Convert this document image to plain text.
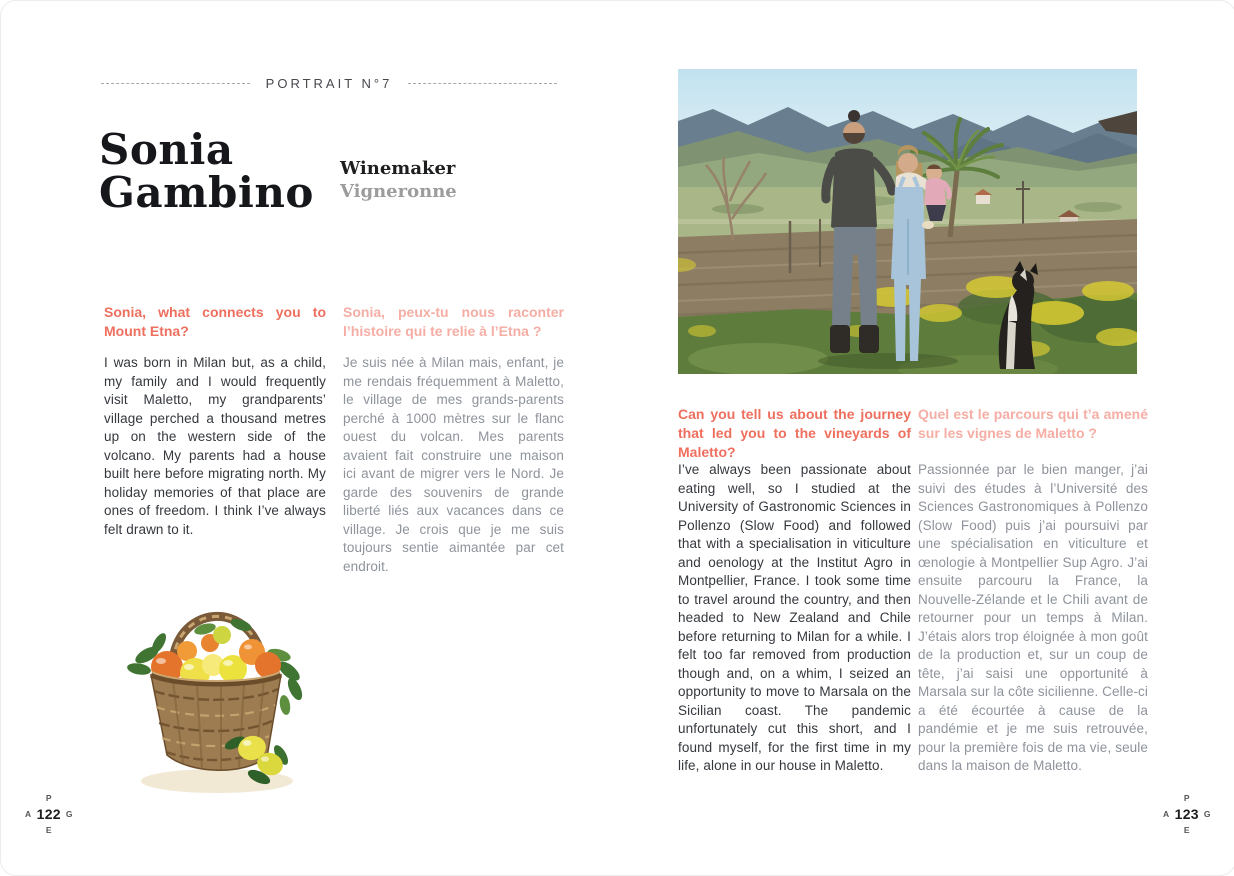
PORTRAIT N°7
Sonia
Gambino Winemaker
Vigneronne
Sonia, what connects you to Mount Etna?
I was born in Milan but, as a child, my family and I would frequently visit Maletto, my grandparents’ village perched a thousand metres up on the western side of the volcano. My parents had a house built here before migrating north. My holiday memories of that place are ones of freedom. I think I’ve always felt drawn to it.
Sonia, peux-tu nous raconter l’histoire qui te relie à l’Etna ?
Je suis née à Milan mais, enfant, je me rendais fréquemment à Maletto, le village de mes grands-parents perché à 1000 mètres sur le flanc ouest du volcan. Mes parents avaient fait construire une maison ici avant de migrer vers le Nord. Je garde des souvenirs de grande liberté liés aux vacances dans ce village. Je crois que je me suis toujours sentie aimantée par cet endroit.
P
A 122 G
E
Can you tell us about the journey that led you to the vineyards of Maletto?
I’ve always been passionate about eating well, so I studied at the University of Gastronomic Sciences in Pollenzo (Slow Food) and followed that with a specialisation in viticulture and oenology at the Institut Agro in Montpellier, France. I took some time to travel around the country, and then headed to New Zealand and Chile before returning to Milan for a while. I felt too far removed from production though and, on a whim, I seized an opportunity to move to Marsala on the Sicilian coast. The pandemic unfortunately cut this short, and I found myself, for the first time in my life, alone in our house in Maletto.
Quel est le parcours qui t’a amené sur les vignes de Maletto ?
Passionnée par le bien manger, j’ai suivi des études à l’Université des Sciences Gastronomiques à Pollenzo (Slow Food) puis j’ai poursuivi par une spécialisation en viticulture et œnologie à Montpellier Sup Agro. J’ai ensuite parcouru la France, la Nouvelle-Zélande et le Chili avant de retourner pour un temps à Milan. J’étais alors trop éloignée à mon goût de la production et, sur un coup de tête, j’ai saisi une opportunité à Marsala sur la côte sicilienne. Celle-ci a été écourtée à cause de la pandémie et je me suis retrouvée, pour la première fois de ma vie, seule dans la maison de Maletto.
P
A 123 G
E
